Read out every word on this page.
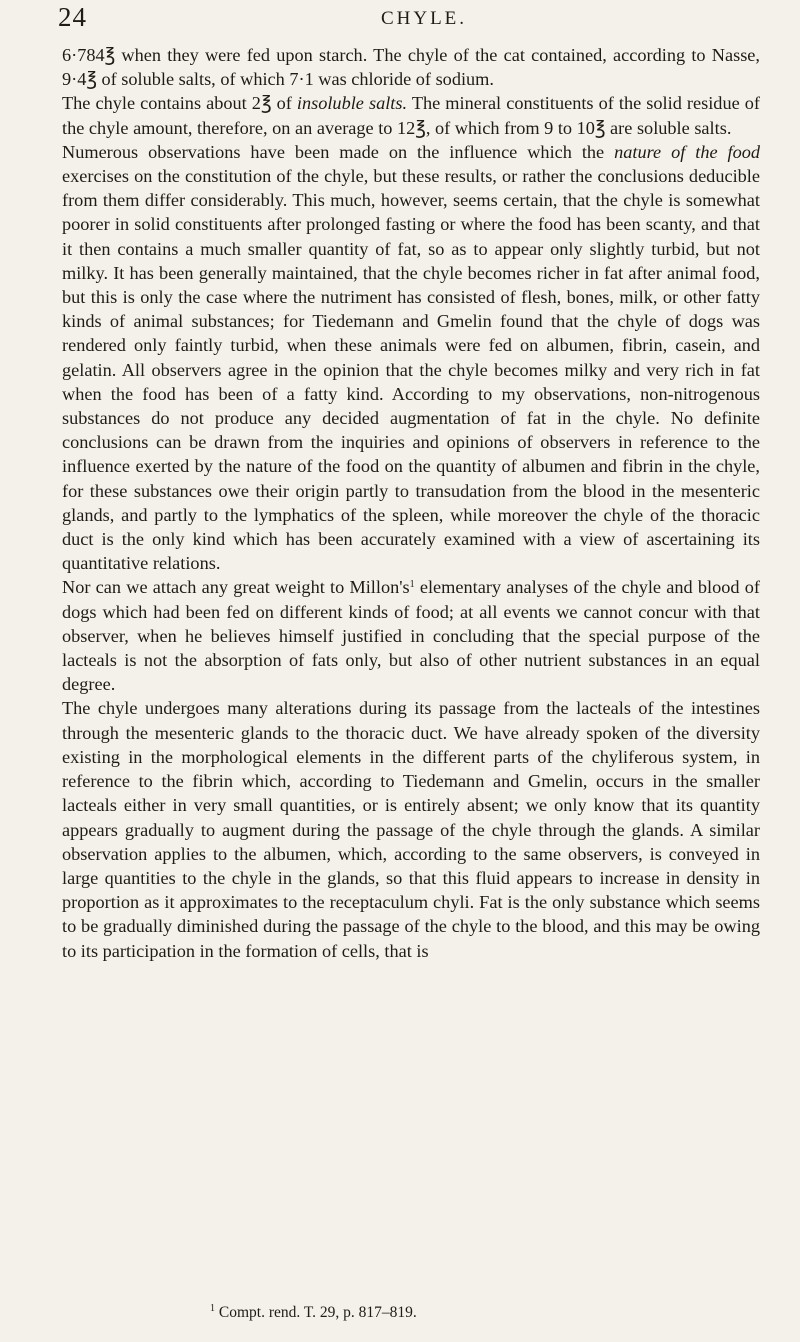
24	CHYLE.

6·784℥ when they were fed upon starch. The chyle of the cat contained, according to Nasse, 9·4℥ of soluble salts, of which 7·1 was chloride of sodium.

The chyle contains about 2℥ of insoluble salts. The mineral constituents of the solid residue of the chyle amount, therefore, on an average to 12℥, of which from 9 to 10℥ are soluble salts.

Numerous observations have been made on the influence which the nature of the food exercises on the constitution of the chyle, but these results, or rather the conclusions deducible from them differ considerably. This much, however, seems certain, that the chyle is somewhat poorer in solid constituents after prolonged fasting or where the food has been scanty, and that it then contains a much smaller quantity of fat, so as to appear only slightly turbid, but not milky. It has been generally maintained, that the chyle becomes richer in fat after animal food, but this is only the case where the nutriment has consisted of flesh, bones, milk, or other fatty kinds of animal substances; for Tiedemann and Gmelin found that the chyle of dogs was rendered only faintly turbid, when these animals were fed on albumen, fibrin, casein, and gelatin. All observers agree in the opinion that the chyle becomes milky and very rich in fat when the food has been of a fatty kind. According to my observations, non-nitrogenous substances do not produce any decided augmentation of fat in the chyle. No definite conclusions can be drawn from the inquiries and opinions of observers in reference to the influence exerted by the nature of the food on the quantity of albumen and fibrin in the chyle, for these substances owe their origin partly to transudation from the blood in the mesenteric glands, and partly to the lymphatics of the spleen, while moreover the chyle of the thoracic duct is the only kind which has been accurately examined with a view of ascertaining its quantitative relations.

Nor can we attach any great weight to $Millon's^1$ elementary analyses of the chyle and blood of dogs which had been fed on different kinds of food; at all events we cannot concur with that observer, when he believes himself justified in concluding that the special purpose of the lacteals is not the absorption of fats only, but also of other nutrient substances in an equal degree.

The chyle undergoes many alterations during its passage from the lacteals of the intestines through the mesenteric glands to the thoracic duct. We have already spoken of the diversity existing in the morphological elements in the different parts of the chyliferous system, in reference to the fibrin which, according to Tiedemann and Gmelin, occurs in the smaller lacteals either in very small quantities, or is entirely absent; we only know that its quantity appears gradually to augment during the passage of the chyle through the glands. A similar observation applies to the albumen, which, according to the same observers, is conveyed in large quantities to the chyle in the glands, so that this fluid appears to increase in density in proportion as it approximates to the receptaculum chyli. Fat is the only substance which seems to be gradually diminished during the passage of the chyle to the blood, and this may be owing to its participation in the formation of cells, that is

$^1$ Compt. rend. T. 29, p. 817–819.
